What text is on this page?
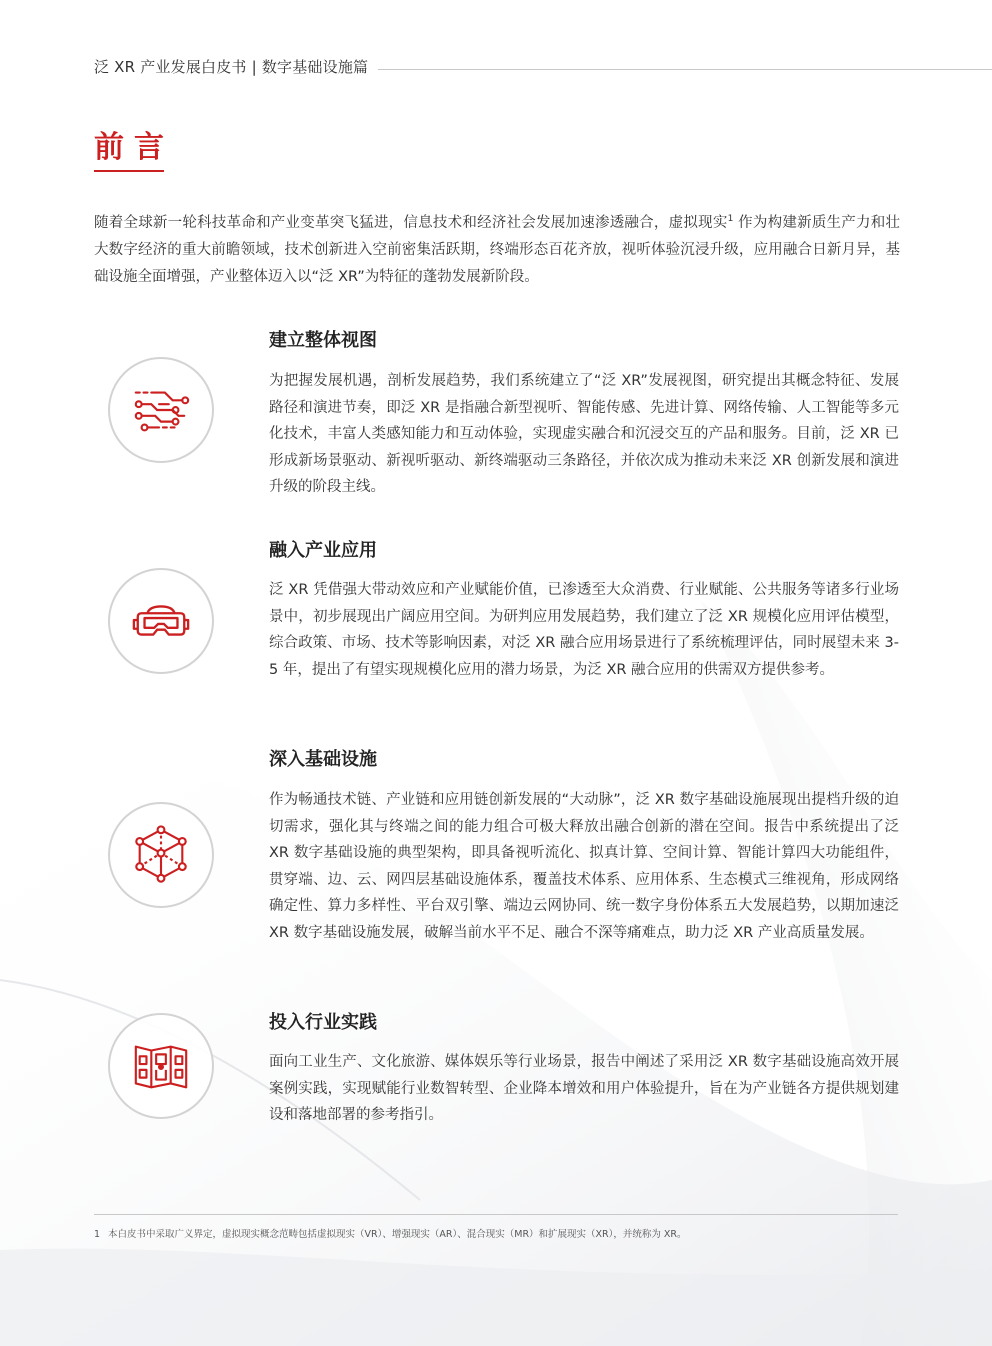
泛 XR 产业发展白皮书 | 数字基础设施篇
前言

随着全球新一轮科技革命和产业变革突飞猛进，信息技术和经济社会发展加速渗透融合，虚拟现实$^1$ 作为构建新质生产力和壮大数字经济的重大前瞻领域，技术创新进入空前密集活跃期，终端形态百花齐放，视听体验沉浸升级，应用融合日新月异，基础设施全面增强，产业整体迈入以“泛 XR”为特征的蓬勃发展新阶段。

建立整体视图

为把握发展机遇，剖析发展趋势，我们系统建立了“泛 XR”发展视图，研究提出其概念特征、发展路径和演进节奏，即泛 XR 是指融合新型视听、智能传感、先进计算、网络传输、人工智能等多元化技术，丰富人类感知能力和互动体验，实现虚实融合和沉浸交互的产品和服务。目前，泛 XR 已形成新场景驱动、新视听驱动、新终端驱动三条路径，并依次成为推动未来泛 XR 创新发展和演进升级的阶段主线。

融入产业应用

泛 XR 凭借强大带动效应和产业赋能价值，已渗透至大众消费、行业赋能、公共服务等诸多行业场景中，初步展现出广阔应用空间。为研判应用发展趋势，我们建立了泛 XR 规模化应用评估模型，综合政策、市场、技术等影响因素，对泛 XR 融合应用场景进行了系统梳理评估，同时展望未来 3-5 年，提出了有望实现规模化应用的潜力场景，为泛 XR 融合应用的供需双方提供参考。

深入基础设施

作为畅通技术链、产业链和应用链创新发展的“大动脉”，泛 XR 数字基础设施展现出提档升级的迫切需求，强化其与终端之间的能力组合可极大释放出融合创新的潜在空间。报告中系统提出了泛 XR 数字基础设施的典型架构，即具备视听流化、拟真计算、空间计算、智能计算四大功能组件，贯穿端、边、云、网四层基础设施体系，覆盖技术体系、应用体系、生态模式三维视角，形成网络确定性、算力多样性、平台双引擎、端边云网协同、统一数字身份体系五大发展趋势，以期加速泛 XR 数字基础设施发展，破解当前水平不足、融合不深等痛难点，助力泛 XR 产业高质量发展。

投入行业实践

面向工业生产、文化旅游、媒体娱乐等行业场景，报告中阐述了采用泛 XR 数字基础设施高效开展案例实践，实现赋能行业数智转型、企业降本增效和用户体验提升，旨在为产业链各方提供规划建设和落地部署的参考指引。

1 本白皮书中采取广义界定，虚拟现实概念范畴包括虚拟现实（VR）、增强现实（AR）、混合现实（MR）和扩展现实（XR），并统称为 XR。
